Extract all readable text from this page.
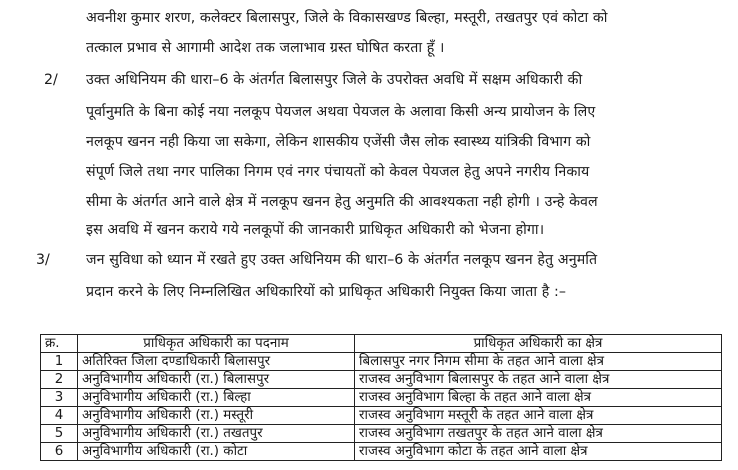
अवनीश कुमार शरण, कलेक्टर बिलासपुर, जिले के विकासखण्ड बिल्हा, मस्तूरी, तखतपुर एवं कोटा को
तत्काल प्रभाव से आगामी आदेश तक जलाभाव ग्रस्त घोषित करता हूँ ।
2/ उक्त अधिनियम की धारा–6 के अंतर्गत बिलासपुर जिले के उपरोक्त अवधि में सक्षम अधिकारी की
पूर्वानुमति के बिना कोई नया नलकूप पेयजल अथवा पेयजल के अलावा किसी अन्य प्रायोजन के लिए
नलकूप खनन नही किया जा सकेगा, लेकिन शासकीय एजेंसी जैस लोक स्वास्थ्य यांत्रिकी विभाग को
संपूर्ण जिले तथा नगर पालिका निगम एवं नगर पंचायतों को केवल पेयजल हेतु अपने नगरीय निकाय
सीमा के अंतर्गत आने वाले क्षेत्र में नलकूप खनन हेतु अनुमति की आवश्यकता नही होगी । उन्हे केवल
इस अवधि में खनन कराये गये नलकूपों की जानकारी प्राधिकृत अधिकारी को भेजना होगा।
3/	जन सुविधा को ध्यान में रखते हुए उक्त अधिनियम की धारा–6 के अंतर्गत नलकूप खनन हेतु अनुमति
प्रदान करने के लिए निम्नलिखित अधिकारियों को प्राधिकृत अधिकारी नियुक्त किया जाता है :–
क्र.	प्राधिकृत अधिकारी का पदनाम	प्राधिकृत अधिकारी का क्षेत्र
1	अतिरिक्त जिला दण्डाधिकारी बिलासपुर	बिलासपुर नगर निगम सीमा के तहत आने वाला क्षेत्र
2	अनुविभागीय अधिकारी (रा.) बिलासपुर	राजस्व अनुविभाग बिलासपुर के तहत आने वाला क्षेत्र
3	अनुविभागीय अधिकारी (रा.) बिल्हा	राजस्व अनुविभाग बिल्हा के तहत आने वाला क्षेत्र
4	अनुविभागीय अधिकारी (रा.) मस्तूरी	राजस्व अनुविभाग मस्तूरी के तहत आने वाला क्षेत्र
5	अनुविभागीय अधिकारी (रा.) तखतपुर	राजस्व अनुविभाग तखतपुर के तहत आने वाला क्षेत्र
6	अनुविभागीय अधिकारी (रा.) कोटा	राजस्व अनुविभाग कोटा के तहत आने वाला क्षेत्र
